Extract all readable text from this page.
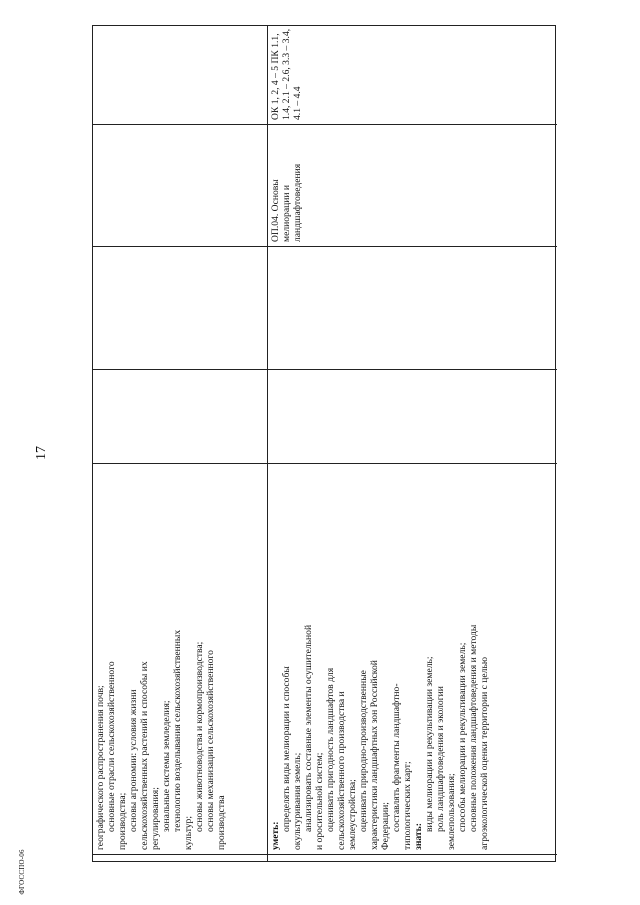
17
географического распространения почв; основные отрасли сельскохозяйственного производства; основы агрономии: условия жизни сельскохозяйственных растений и способы их регулирования; зональные системы земледелия; технологию возделывания сельскохозяйственных
культур;
основы животноводства и кормопроизводства; основы механизации сельскохозяйственного производства	уметь:
определять виды мелиорации и способы окультуривания земель; анализировать составные элементы осушительной и оросительной систем; оценивать пригодность ландшафтов для сельскохозяйственного производства и землеустройства; оценивать природно-производственные характеристики ландшафтных зон Российской Федерации; составлять фрагменты ландшафтно- типологических карт; знать:
виды мелиорации и рекультивации земель; роль ландшафтоведения и экологии землепользования; способы мелиорации и рекультивации земель; основные положения ландшафтоведения и методы агроэкологической оценки территории с целью
ОП.04. Основы мелиорации и ландшафтоведения
ОК 1, 2, 4 – 5 ПК 1.1, 1.4, 2.1 – 2.6, 3.3 – 3.4, 4.1 – 4.4
ФГОССПО-06
